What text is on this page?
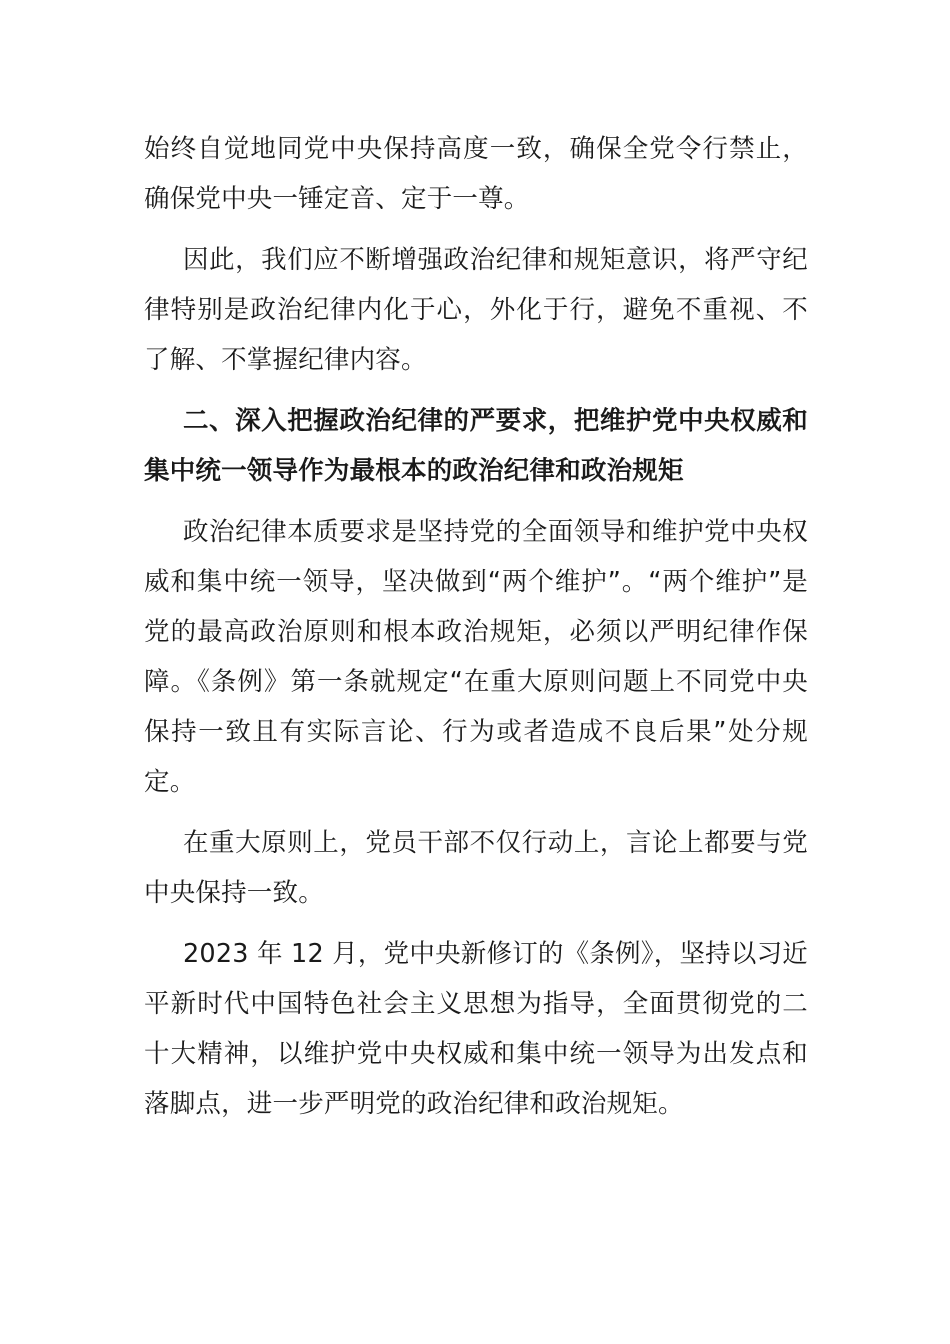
始终自觉地同党中央保持高度一致，确保全党令行禁止，确保党中央一锤定音、定于一尊。

因此，我们应不断增强政治纪律和规矩意识，将严守纪律特别是政治纪律内化于心，外化于行，避免不重视、不了解、不掌握纪律内容。

二、深入把握政治纪律的严要求，把维护党中央权威和集中统一领导作为最根本的政治纪律和政治规矩

政治纪律本质要求是坚持党的全面领导和维护党中央权威和集中统一领导，坚决做到“两个维护”。“两个维护”是党的最高政治原则和根本政治规矩，必须以严明纪律作保障。《条例》第一条就规定“在重大原则问题上不同党中央保持一致且有实际言论、行为或者造成不良后果”处分规定。

在重大原则上，党员干部不仅行动上，言论上都要与党中央保持一致。

2023 年 12 月，党中央新修订的《条例》，坚持以习近平新时代中国特色社会主义思想为指导，全面贯彻党的二十大精神，以维护党中央权威和集中统一领导为出发点和落脚点，进一步严明党的政治纪律和政治规矩。
